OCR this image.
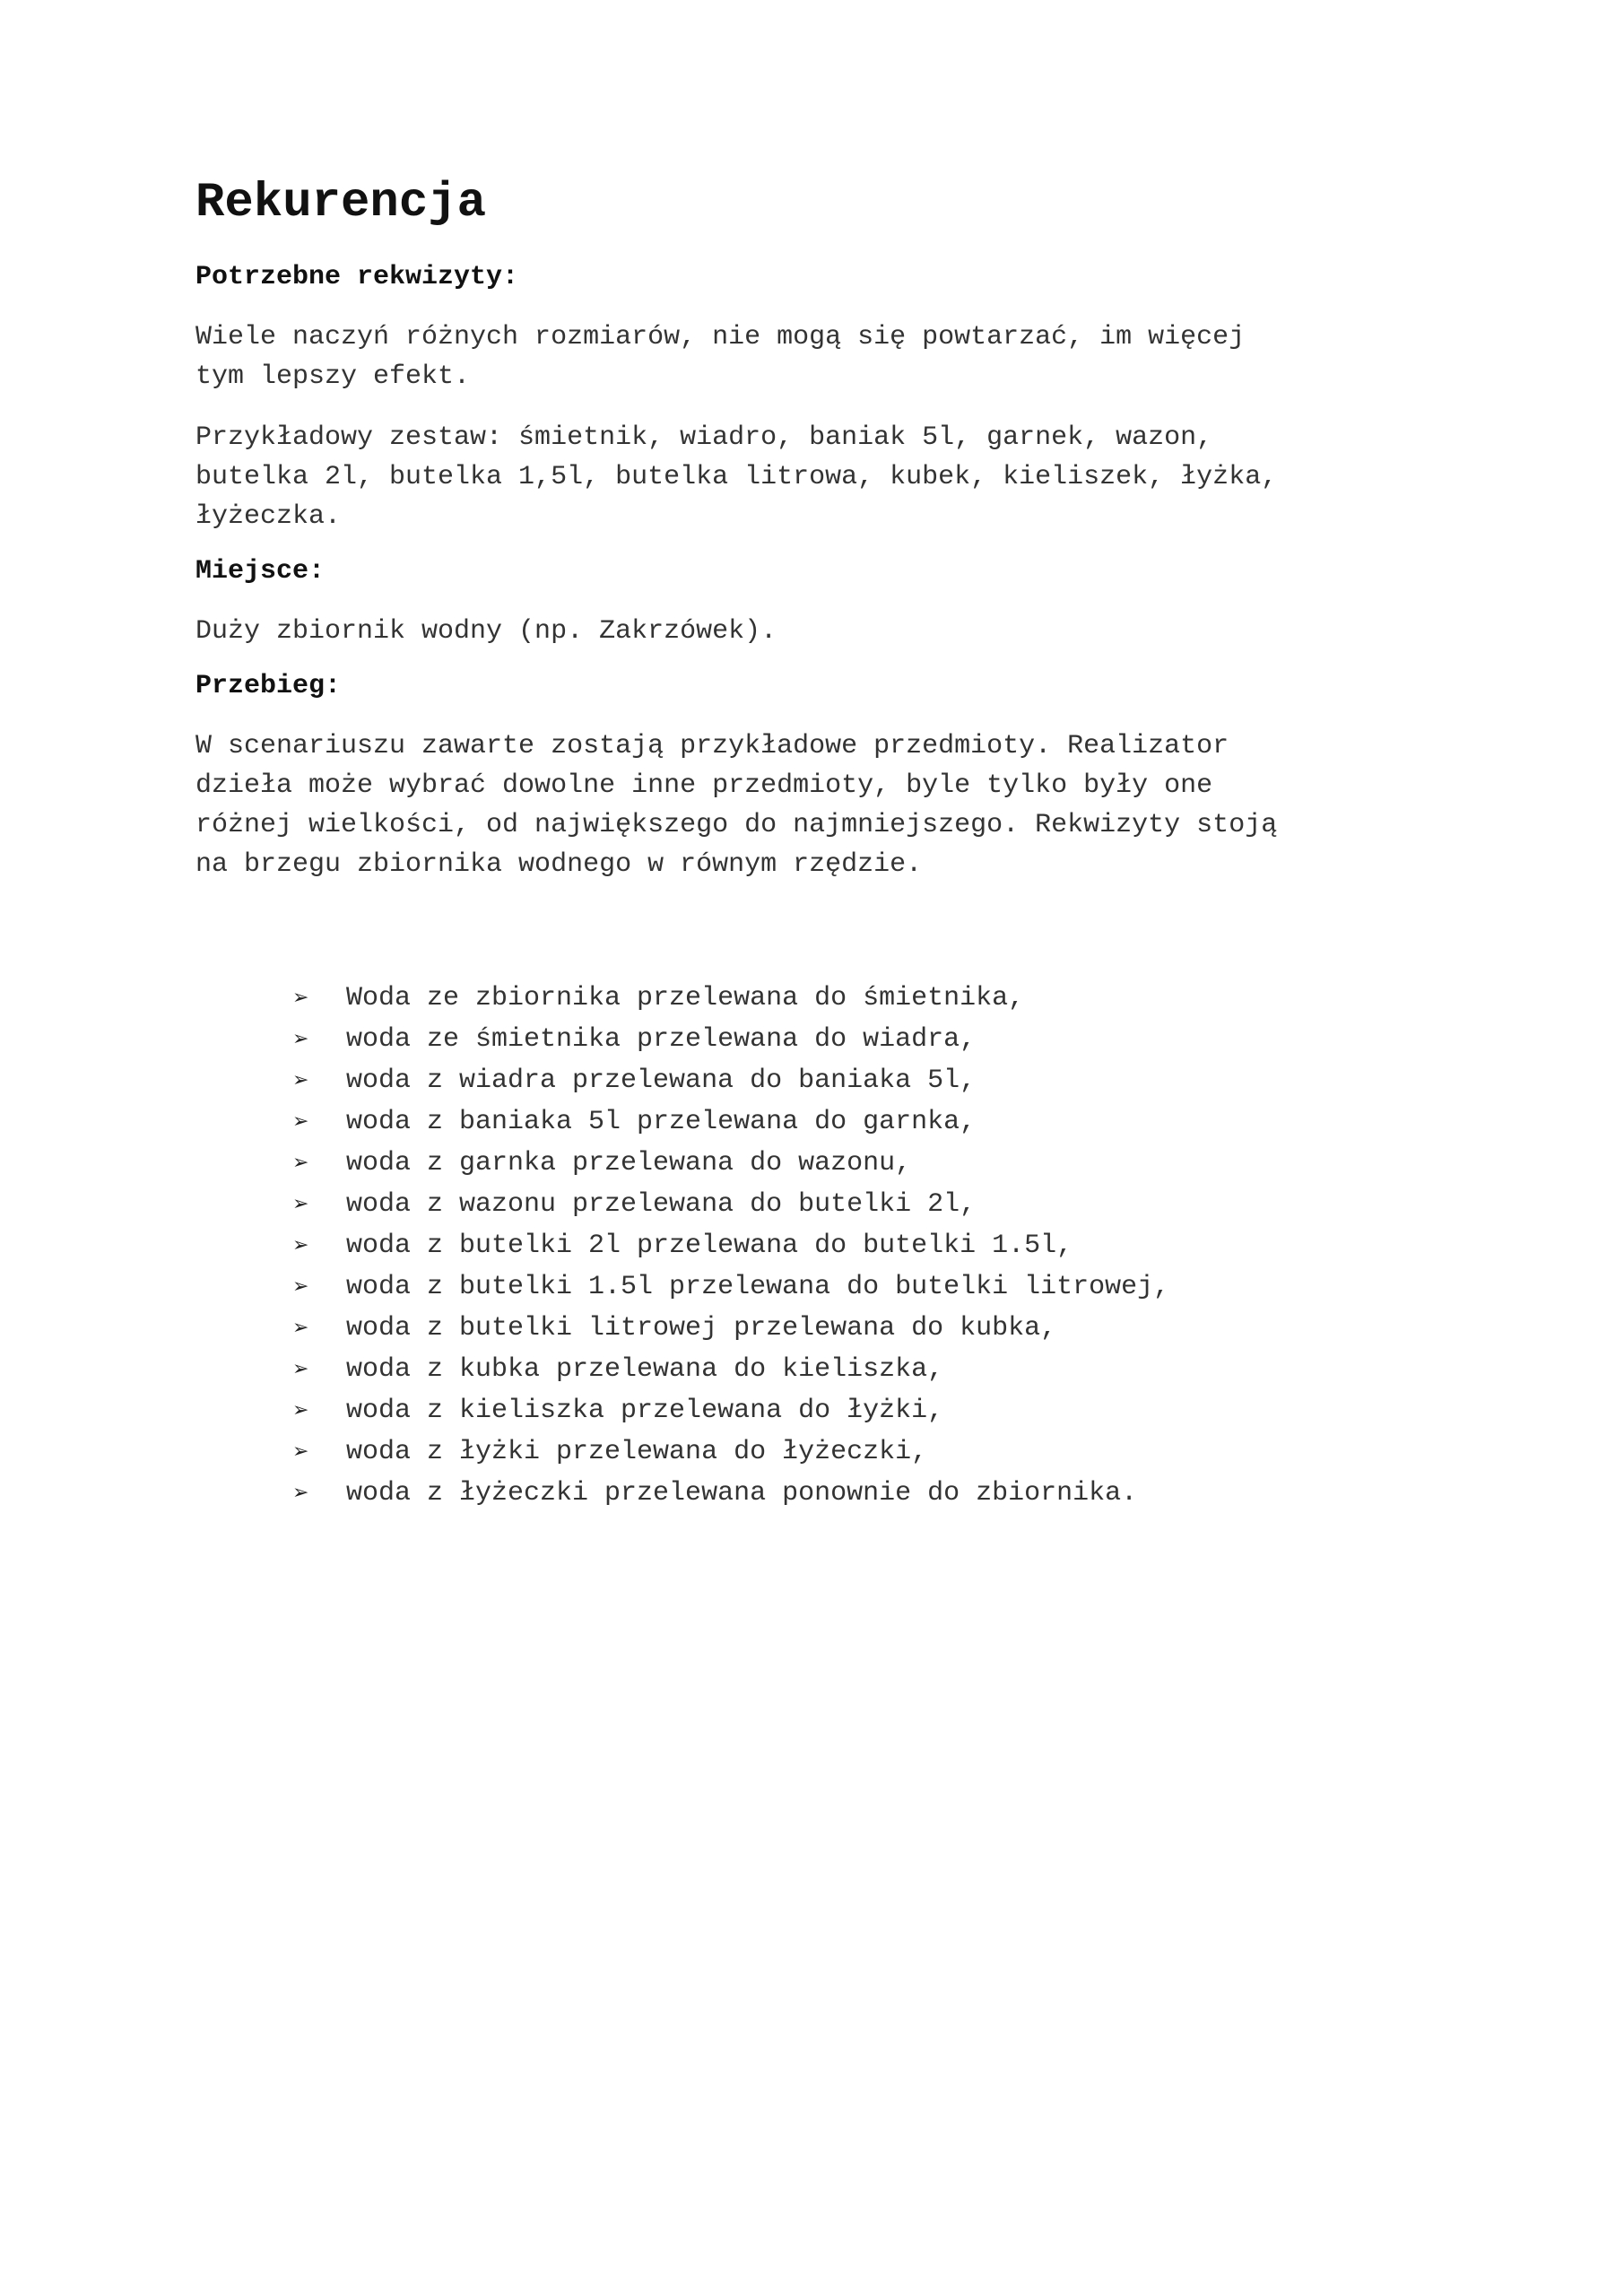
Rekurencja
Potrzebne rekwizyty:

Wiele naczyń różnych rozmiarów, nie mogą się powtarzać, im więcej
tym lepszy efekt.

Przykładowy zestaw: śmietnik, wiadro, baniak 5l, garnek, wazon,
butelka 2l, butelka 1,5l, butelka litrowa, kubek, kieliszek, łyżka,
łyżeczka.

Miejsce:

Duży zbiornik wodny (np. Zakrzówek).

Przebieg:

W scenariuszu zawarte zostają przykładowe przedmioty. Realizator
dzieła może wybrać dowolne inne przedmioty, byle tylko były one
różnej wielkości, od największego do najmniejszego. Rekwizyty stoją
na brzegu zbiornika wodnego w równym rzędzie.

➢ Woda ze zbiornika przelewana do śmietnika,
➢ woda ze śmietnika przelewana do wiadra,
➢ woda z wiadra przelewana do baniaka 5l,
➢ woda z baniaka 5l przelewana do garnka,
➢ woda z garnka przelewana do wazonu,
➢ woda z wazonu przelewana do butelki 2l,
➢ woda z butelki 2l przelewana do butelki 1.5l,
➢ woda z butelki 1.5l przelewana do butelki litrowej,
➢ woda z butelki litrowej przelewana do kubka,
➢ woda z kubka przelewana do kieliszka,
➢ woda z kieliszka przelewana do łyżki,
➢ woda z łyżki przelewana do łyżeczki,
➢ woda z łyżeczki przelewana ponownie do zbiornika.
